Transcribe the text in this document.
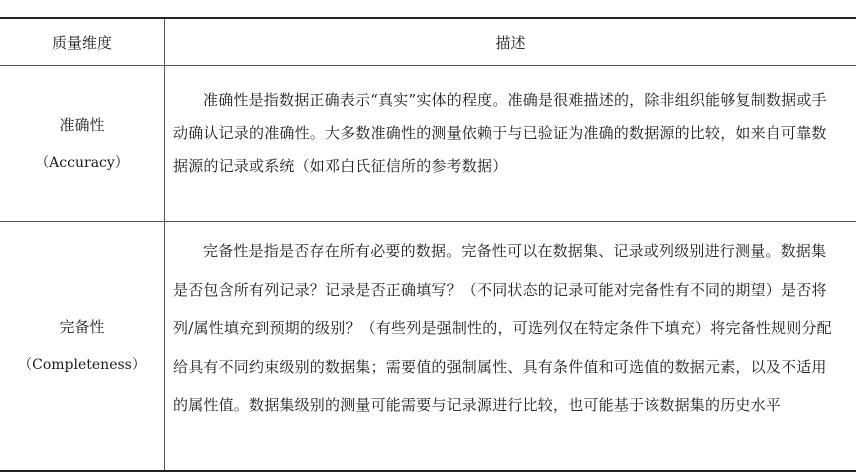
质量维度	描述
准确性
（Accuracy）

准确性是指数据正确表示“真实”实体的程度。准确是很难描述的，除非组织能够复制数据或手动确认记录的准确性。大多数准确性的测量依赖于与已验证为准确的数据源的比较，如来自可靠数据源的记录或系统（如邓白氏征信所的参考数据）

完备性
（Completeness）

完备性是指是否存在所有必要的数据。完备性可以在数据集、记录或列级别进行测量。数据集是否包含所有列记录？记录是否正确填写？（不同状态的记录可能对完备性有不同的期望）是否将列/属性填充到预期的级别？（有些列是强制性的，可选列仅在特定条件下填充）将完备性规则分配给具有不同约束级别的数据集；需要值的强制属性、具有条件值和可选值的数据元素，以及不适用的属性值。数据集级别的测量可能需要与记录源进行比较，也可能基于该数据集的历史水平
